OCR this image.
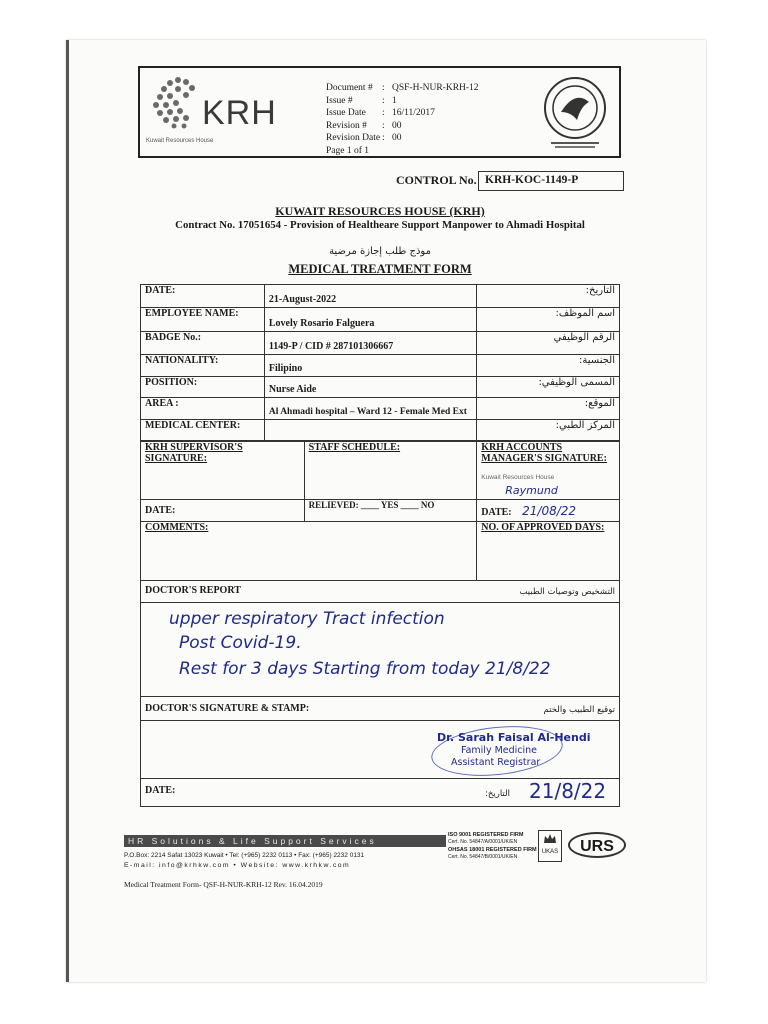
KRH
Kuwait Resources House
Document # : QSF-H-NUR-KRH-12
Issue #	: 1
Issue Date	: 16/11/2017
Revision #	: 00
Revision Date : 00
Page 1 of 1
CONTROL No. KRH-KOC-1149-P
KUWAIT RESOURCES HOUSE (KRH)
Contract No. 17051654 - Provision of Healtheare Support Manpower to Ahmadi Hospital
موذج طلب إجازة مرضية
MEDICAL TREATMENT FORM
DATE:	21-August-2022	التاريخ:
EMPLOYEE NAME:	Lovely Rosario Falguera	اسم الموظف:
BADGE No.:	1149-P / CID # 287101306667	الرقم الوظيفي
NATIONALITY:	Filipino	الجنسية:
POSITION:	Nurse Aide	المسمى الوظيفي:
AREA :	Al Ahmadi hospital – Ward 12 - Female Med Ext	الموقع:
MEDICAL CENTER:		المركز الطبي:
KRH SUPERVISOR'S SIGNATURE:	STAFF SCHEDULE:	KRH ACCOUNTS MANAGER'S SIGNATURE:
Kuwait Resources House
Raymund

DATE:	RELIEVED: ____ YES ____ NO	DATE: 21/08/22
COMMENTS:	NO. OF APPROVED DAYS:
DOCTOR'S REPORT	التشخيص وتوصيات الطبيب

upper respiratory Tract infection
Post Covid-19.
Rest for 3 days Starting from today 21/8/22
DOCTOR'S SIGNATURE & STAMP:	توقيع الطبيب والختم

Dr. Sarah Faisal Al-Hendi
Family Medicine
Assistant Registrar

DATE:	التاريخ: 21/8/22
HR Solutions & Life Support Services
P.O.Box: 2214 Safat 13023 Kuwait • Tel: (+965) 2232 0113 • Fax: (+965) 2232 0131
E-mail: info@krhkw.com • Website: www.krhkw.com
ISO 9001 REGISTERED FIRM
Cert. No. 54847/A/0001/UK/EN
OHSAS 18001 REGISTERED FIRM
Cert. No. 54847/B/0001/UK/EN
UKAS	URS
Medical Treatment Form- QSF-H-NUR-KRH-12 Rev. 16.04.2019
